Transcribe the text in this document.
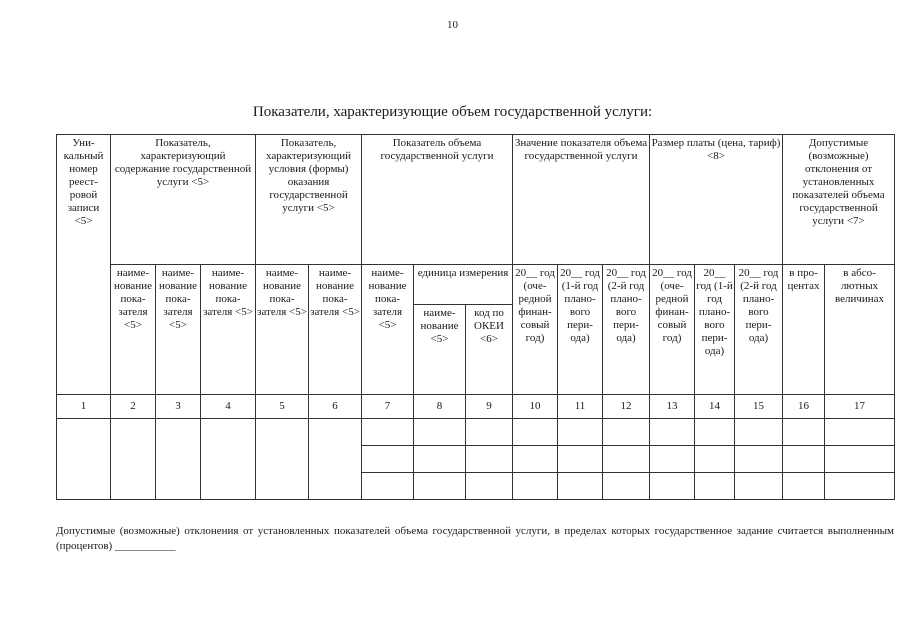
10
Показатели, характеризующие объем государственной услуги:
Уни-кальный номер реест-ровой записи <5>	Показатель, характеризующий содержание государственной услуги <5>			Показатель, характеризующий условия (формы) оказания государственной услуги <5>		Показатель объема государственной услуги			Значение показателя объема государственной услуги			Размер платы (цена, тариф) <8>			Допустимые (возможные) отклонения от установленных показателей объема государственной услуги <7>	
	наиме-нование пока-зателя <5>	наиме-нование пока-зателя <5>	наиме-нование пока-зателя <5>	наиме-нование пока-зателя <5>	наиме-нование пока-зателя <5>	наиме-нование пока-зателя <5>	единица измерения		20__ год (оче-редной финан-совый год)	20__ год (1-й год плано-вого пери-ода)	20__ год (2-й год плано-вого пери-ода)	20__ год (оче-редной финан-совый год)	20__ год (1-й год плано-вого пери-ода)	20__ год (2-й год плано-вого пери-ода)	в про-центах	в абсо-лютных величинах
							наиме-нование <5>	код по ОКЕИ <6>								
1	2	3	4	5	6	7	8	9	10	11	12	13	14	15	16	17

Допустимые (возможные) отклонения от установленных показателей объема государственной услуги, в пределах которых государственное задание считается выполненным (процентов) ___________
